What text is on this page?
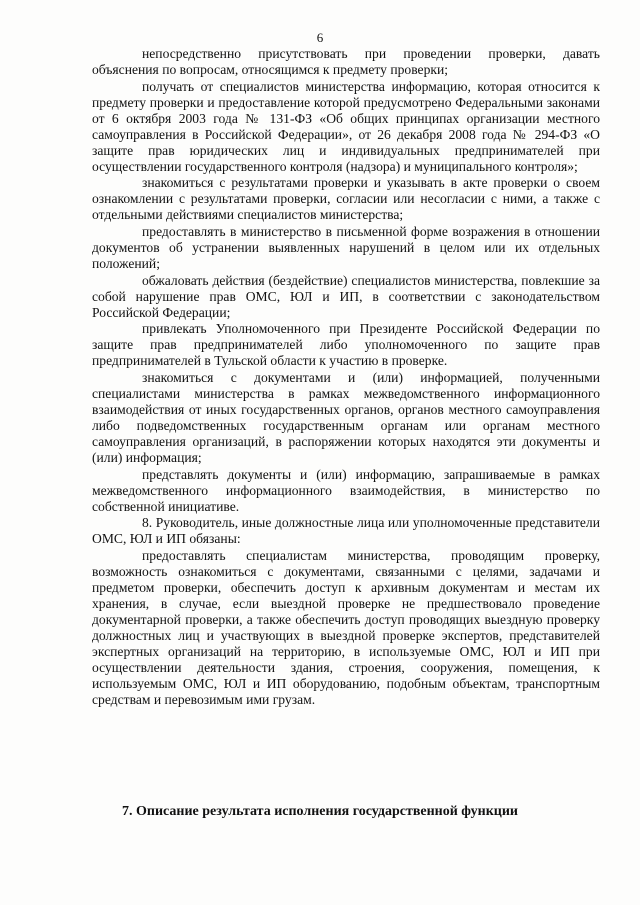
6

непосредственно присутствовать при проведении проверки, давать объяснения по вопросам, относящимся к предмету проверки;

получать от специалистов министерства информацию, которая относится к предмету проверки и предоставление которой предусмотрено Федеральными законами от 6 октября 2003 года № 131-ФЗ «Об общих принципах организации местного самоуправления в Российской Федерации», от 26 декабря 2008 года № 294-ФЗ «О защите прав юридических лиц и индивидуальных предпринимателей при осуществлении государственного контроля (надзора) и муниципального контроля»;

знакомиться с результатами проверки и указывать в акте проверки о своем ознакомлении с результатами проверки, согласии или несогласии с ними, а также с отдельными действиями специалистов министерства;

предоставлять в министерство в письменной форме возражения в отношении документов об устранении выявленных нарушений в целом или их отдельных положений;

обжаловать действия (бездействие) специалистов министерства, повлекшие за собой нарушение прав ОМС, ЮЛ и ИП, в соответствии с законодательством Российской Федерации;

привлекать Уполномоченного при Президенте Российской Федерации по защите прав предпринимателей либо уполномоченного по защите прав предпринимателей в Тульской области к участию в проверке.

знакомиться с документами и (или) информацией, полученными специалистами министерства в рамках межведомственного информационного взаимодействия от иных государственных органов, органов местного самоуправления либо подведомственных государственным органам или органам местного самоуправления организаций, в распоряжении которых находятся эти документы и (или) информация;

представлять документы и (или) информацию, запрашиваемые в рамках межведомственного информационного взаимодействия, в министерство по собственной инициативе.

8. Руководитель, иные должностные лица или уполномоченные представители ОМС, ЮЛ и ИП обязаны:

предоставлять специалистам министерства, проводящим проверку, возможность ознакомиться с документами, связанными с целями, задачами и предметом проверки, обеспечить доступ к архивным документам и местам их хранения, в случае, если выездной проверке не предшествовало проведение документарной проверки, а также обеспечить доступ проводящих выездную проверку должностных лиц и участвующих в выездной проверке экспертов, представителей экспертных организаций на территорию, в используемые ОМС, ЮЛ и ИП при осуществлении деятельности здания, строения, сооружения, помещения, к используемым ОМС, ЮЛ и ИП оборудованию, подобным объектам, транспортным средствам и перевозимым ими грузам.

7. Описание результата исполнения государственной функции
